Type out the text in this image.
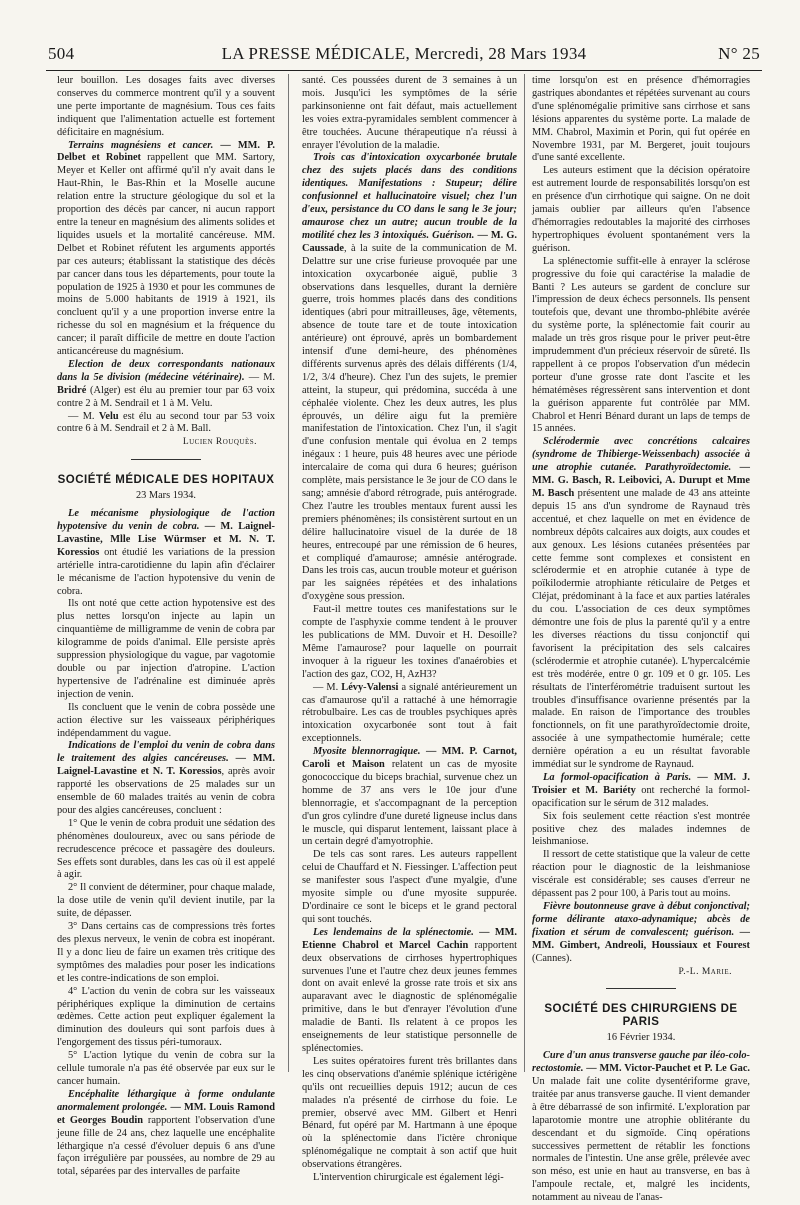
504	LA PRESSE MÉDICALE, Mercredi, 28 Mars 1934	N° 25

leur bouillon. Les dosages faits avec diverses conserves du commerce montrent qu'il y a souvent une perte importante de magnésium. Tous ces faits indiquent que l'alimentation actuelle est fortement déficitaire en magnésium.

Terrains magnésiens et cancer. — MM. P. Delbet et Robinet rappellent que MM. Sartory, Meyer et Keller ont affirmé qu'il n'y avait dans le Haut-Rhin, le Bas-Rhin et la Moselle aucune relation entre la structure géologique du sol et la proportion des décès par cancer, ni aucun rapport entre la teneur en magnésium des aliments solides et liquides usuels et la mortalité cancéreuse. MM. Delbet et Robinet réfutent les arguments apportés par ces auteurs; établissant la statistique des décès par cancer dans tous les départements, pour toute la population de 1925 à 1930 et pour les communes de moins de 5.000 habitants de 1919 à 1921, ils concluent qu'il y a une proportion inverse entre la richesse du sol en magnésium et la fréquence du cancer; il paraît difficile de mettre en doute l'action anticancéreuse du magnésium.

Election de deux correspondants nationaux dans la 5e division (médecine vétérinaire). — M. Bridré (Alger) est élu au premier tour par 63 voix contre 2 à M. Sendrail et 1 à M. Velu.

— M. Velu est élu au second tour par 53 voix contre 6 à M. Sendrail et 2 à M. Ball.

Lucien Rouquès.
SOCIÉTÉ MÉDICALE DES HOPITAUX
23 Mars 1934.

Le mécanisme physiologique de l'action hypotensive du venin de cobra. — M. Laignel-Lavastine, Mlle Lise Würmser et M. N. T. Koressios ont étudié les variations de la pression artérielle intra-carotidienne du lapin afin d'éclairer le mécanisme de l'action hypotensive du venin de cobra.

Ils ont noté que cette action hypotensive est des plus nettes lorsqu'on injecte au lapin un cinquantième de milligramme de venin de cobra par kilogramme de poids d'animal. Elle persiste après suppression physiologique du vague, par vagotomie double ou par injection d'atropine. L'action hypertensive de l'adrénaline est diminuée après injection de venin.

Ils concluent que le venin de cobra possède une action élective sur les vaisseaux périphériques indépendamment du vague.

Indications de l'emploi du venin de cobra dans le traitement des algies cancéreuses. — MM. Laignel-Lavastine et N. T. Koressios, après avoir rapporté les observations de 25 malades sur un ensemble de 60 malades traités au venin de cobra pour des algies cancéreuses, concluent :

1° Que le venin de cobra produit une sédation des phénomènes douloureux, avec ou sans période de recrudescence précoce et passagère des douleurs. Ses effets sont durables, dans les cas où il est appelé à agir.

2° Il convient de déterminer, pour chaque malade, la dose utile de venin qu'il devient inutile, par la suite, de dépasser.

3° Dans certains cas de compressions très fortes des plexus nerveux, le venin de cobra est inopérant. Il y a donc lieu de faire un examen très critique des symptômes des maladies pour poser les indications et les contre-indications de son emploi.

4° L'action du venin de cobra sur les vaisseaux périphériques explique la diminution de certains œdèmes. Cette action peut expliquer également la diminution des douleurs qui sont parfois dues à l'engorgement des tissus péri-tumoraux.

5° L'action lytique du venin de cobra sur la cellule tumorale n'a pas été observée par eux sur le cancer humain.

Encéphalite léthargique à forme ondulante anormalement prolongée. — MM. Louis Ramond et Georges Boudin rapportent l'observation d'une jeune fille de 24 ans, chez laquelle une encéphalite léthargique n'a cessé d'évoluer depuis 6 ans d'une façon irrégulière par poussées, au nombre de 29 au total, séparées par des intervalles de parfaite

santé. Ces poussées durent de 3 semaines à un mois. Jusqu'ici les symptômes de la série parkinsonienne ont fait défaut, mais actuellement les voies extra-pyramidales semblent commencer à être touchées. Aucune thérapeutique n'a réussi à enrayer l'évolution de la maladie.

Trois cas d'intoxication oxycarbonée brutale chez des sujets placés dans des conditions identiques. Manifestations : Stupeur; délire confusionnel et hallucinatoire visuel; chez l'un d'eux, persistance du CO dans le sang le 3e jour; amaurose chez un autre; aucun trouble de la motilité chez les 3 intoxiqués. Guérison. — M. G. Caussade, à la suite de la communication de M. Delattre sur une crise furieuse provoquée par une intoxication oxycarbonée aiguë, publie 3 observations dans lesquelles, durant la dernière guerre, trois hommes placés dans des conditions identiques (abri pour mitrailleuses, âge, vêtements, absence de toute tare et de toute intoxication antérieure) ont éprouvé, après un bombardement intensif d'une demi-heure, des phénomènes différents survenus après des délais différents (1/4, 1/2, 3/4 d'heure). Chez l'un des sujets, le premier atteint, la stupeur, qui prédomina, succéda à une céphalée violente. Chez les deux autres, les plus éprouvés, un délire aigu fut la première manifestation de l'intoxication. Chez l'un, il s'agit d'une confusion mentale qui évolua en 2 temps inégaux : 1 heure, puis 48 heures avec une période intercalaire de coma qui dura 6 heures; guérison complète, mais persistance le 3e jour de CO dans le sang; amnésie d'abord rétrograde, puis antérograde. Chez l'autre les troubles mentaux furent aussi les premiers phénomènes; ils consistèrent surtout en un délire hallucinatoire visuel de la durée de 18 heures, entrecoupé par une rémission de 6 heures, et compliqué d'amaurose; amnésie antérograde. Dans les trois cas, aucun trouble moteur et guérison par les saignées répétées et des inhalations d'oxygène sous pression.

Faut-il mettre toutes ces manifestations sur le compte de l'asphyxie comme tendent à le prouver les publications de MM. Duvoir et H. Desoille? Même l'amaurose? pour laquelle on pourrait invoquer à la rigueur les toxines d'anaérobies et l'action des gaz, CO2, H, AzH3?

— M. Lévy-Valensi a signalé antérieurement un cas d'amaurose qu'il a rattaché à une hémorragie rétrobulbaire. Les cas de troubles psychiques après intoxication oxycarbonée sont tout à fait exceptionnels.

Myosite blennorragique. — MM. P. Carnot, Caroli et Maison relatent un cas de myosite gonococcique du biceps brachial, survenue chez un homme de 37 ans vers le 10e jour d'une blennorragie, et s'accompagnant de la perception d'un gros cylindre d'une dureté ligneuse inclus dans le muscle, qui disparut lentement, laissant place à un certain degré d'amyotrophie.

De tels cas sont rares. Les auteurs rappellent celui de Chauffard et N. Fiessinger. L'affection peut se manifester sous l'aspect d'une myalgie, d'une myosite simple ou d'une myosite suppurée. D'ordinaire ce sont le biceps et le grand pectoral qui sont touchés.

Les lendemains de la splénectomie. — MM. Etienne Chabrol et Marcel Cachin rapportent deux observations de cirrhoses hypertrophiques survenues l'une et l'autre chez deux jeunes femmes dont on avait enlevé la grosse rate trois et six ans auparavant avec le diagnostic de splénomégalie primitive, dans le but d'enrayer l'évolution d'une maladie de Banti. Ils relatent à ce propos les enseignements de leur statistique personnelle de splénectomies.

Les suites opératoires furent très brillantes dans les cinq observations d'anémie splénique ictérigène qu'ils ont recueillies depuis 1912; aucun de ces malades n'a présenté de cirrhose du foie. Le premier, observé avec MM. Gilbert et Henri Bénard, fut opéré par M. Hartmann à une époque où la splénectomie dans l'ictère chronique splénomégalique ne comptait à son actif que huit observations étrangères.

L'intervention chirurgicale est également légi-

time lorsqu'on est en présence d'hémorragies gastriques abondantes et répétées survenant au cours d'une splénomégalie primitive sans cirrhose et sans lésions apparentes du système porte. La malade de MM. Chabrol, Maximin et Porin, qui fut opérée en Novembre 1931, par M. Bergeret, jouit toujours d'une santé excellente.

Les auteurs estiment que la décision opératoire est autrement lourde de responsabilités lorsqu'on est en présence d'un cirrhotique qui saigne. On ne doit jamais oublier par ailleurs qu'en l'absence d'hémorragies redoutables la majorité des cirrhoses hypertrophiques évoluent spontanément vers la guérison.

La splénectomie suffit-elle à enrayer la sclérose progressive du foie qui caractérise la maladie de Banti ? Les auteurs se gardent de conclure sur l'impression de deux échecs personnels. Ils pensent toutefois que, devant une thrombo-phlébite avérée du système porte, la splénectomie fait courir au malade un très gros risque pour le priver peut-être imprudemment d'un précieux réservoir de sûreté. Ils rappellent à ce propos l'observation d'un médecin porteur d'une grosse rate dont l'ascite et les hématémèses régressèrent sans intervention et dont la guérison apparente fut contrôlée par MM. Chabrol et Henri Bénard durant un laps de temps de 15 années.

Sclérodermie avec concrétions calcaires (syndrome de Thibierge-Weissenbach) associée à une atrophie cutanée. Parathyroïdectomie. — MM. G. Basch, R. Leibovici, A. Durupt et Mme M. Basch présentent une malade de 43 ans atteinte depuis 15 ans d'un syndrome de Raynaud très accentué, et chez laquelle on met en évidence de nombreux dépôts calcaires aux doigts, aux coudes et aux genoux. Les lésions cutanées présentées par cette femme sont complexes et consistent en sclérodermie et en atrophie cutanée à type de poïkilodermie atrophiante réticulaire de Petges et Cléjat, prédominant à la face et aux parties latérales du cou. L'association de ces deux symptômes démontre une fois de plus la parenté qu'il y a entre les diverses réactions du tissu conjonctif qui favorisent la précipitation des sels calcaires (sclérodermie et atrophie cutanée). L'hypercalcémie est très modérée, entre 0 gr. 109 et 0 gr. 105. Les résultats de l'interférométrie traduisent surtout les troubles d'insuffisance ovarienne présentés par la malade. En raison de l'importance des troubles fonctionnels, on fit une parathyroïdectomie droite, associée à une sympathectomie humérale; cette dernière opération a eu un résultat favorable immédiat sur le syndrome de Raynaud.

La formol-opacification à Paris. — MM. J. Troisier et M. Bariéty ont recherché la formol-opacification sur le sérum de 312 malades.

Six fois seulement cette réaction s'est montrée positive chez des malades indemnes de leishmaniose.

Il ressort de cette statistique que la valeur de cette réaction pour le diagnostic de la leishmaniose viscérale est considérable; ses causes d'erreur ne dépassent pas 2 pour 100, à Paris tout au moins.

Fièvre boutonneuse grave à début conjonctival; forme délirante ataxo-adynamique; abcès de fixation et sérum de convalescent; guérison. — MM. Gimbert, Andreoli, Houssiaux et Fourest (Cannes).

P.-L. Marie.
SOCIÉTÉ DES CHIRURGIENS DE PARIS
16 Février 1934.

Cure d'un anus transverse gauche par iléo-colo-rectostomie. — MM. Victor-Pauchet et P. Le Gac. Un malade fait une colite dysentériforme grave, traitée par anus transverse gauche. Il vient demander à être débarrassé de son infirmité. L'exploration par laparotomie montre une atrophie oblitérante du descendant et du sigmoïde. Cinq opérations successives permettent de rétablir les fonctions normales de l'intestin. Une anse grêle, prélevée avec son méso, est unie en haut au transverse, en bas à l'ampoule rectale, et, malgré les incidents, notamment au niveau de l'anas-
